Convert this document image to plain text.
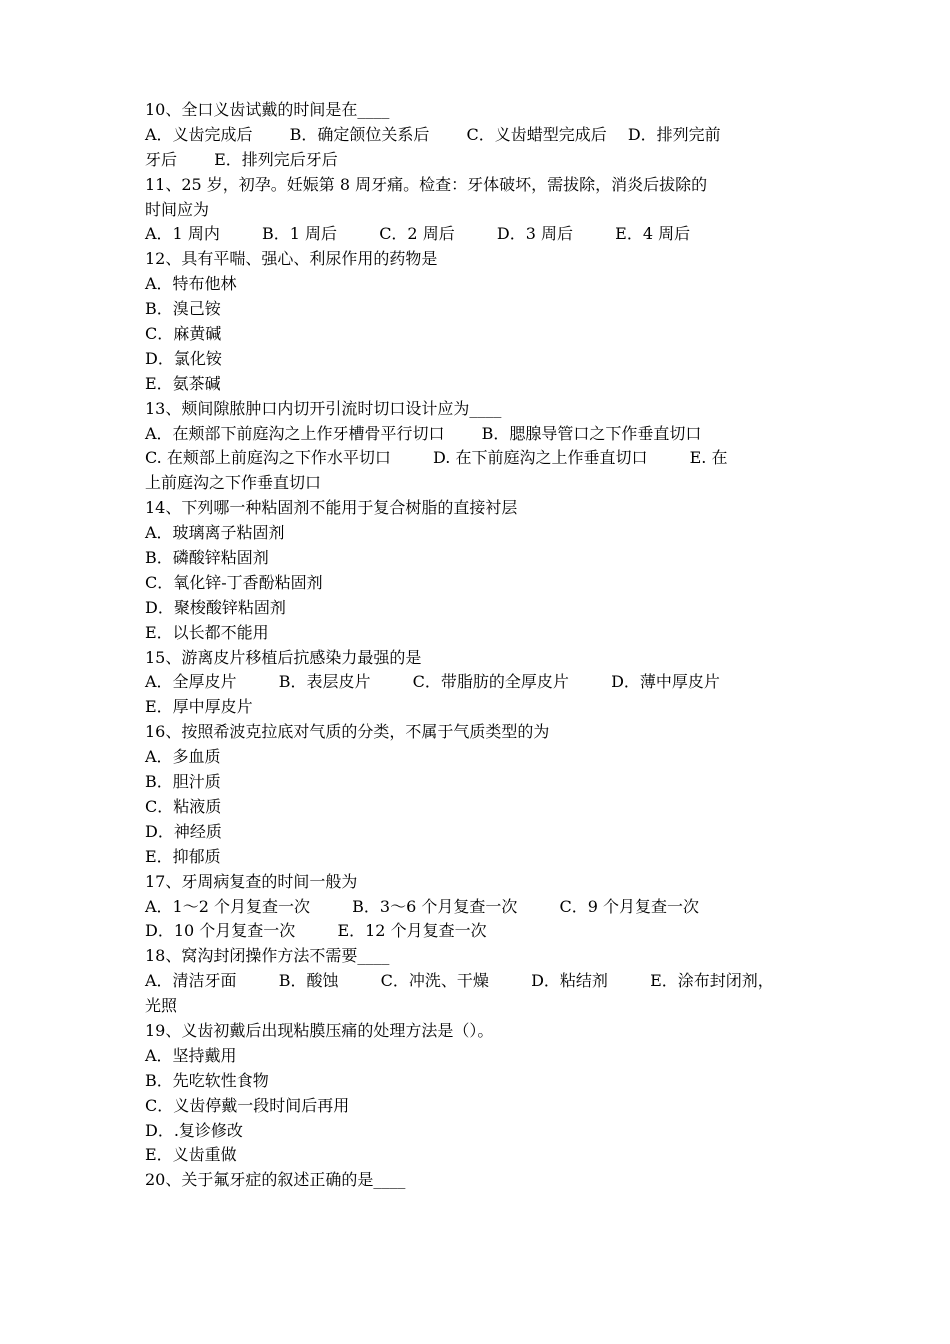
10、全口义齿试戴的时间是在____
A．义齿完成后 　　B．确定颌位关系后 　　C．义齿蜡型完成后　 D．排列完前
牙后 　　E．排列完后牙后
11、25 岁，初孕。妊娠第 8 周牙痛。检查：牙体破坏，需拔除，消炎后拔除的
时间应为
A．1 周内 　　 B．1 周后 　　 C．2 周后 　　 D．3 周后 　　 E．4 周后
12、具有平喘、强心、利尿作用的药物是
A．特布他林
B．溴己铵
C．麻黄碱
D．氯化铵
E．氨茶碱
13、颊间隙脓肿口内切开引流时切口设计应为____
A．在颊部下前庭沟之上作牙槽骨平行切口 　　B．腮腺导管口之下作垂直切口
C. 在颊部上前庭沟之下作水平切口 　　 D. 在下前庭沟之上作垂直切口 　　 E. 在
上前庭沟之下作垂直切口
14、下列哪一种粘固剂不能用于复合树脂的直接衬层
A．玻璃离子粘固剂
B．磷酸锌粘固剂
C．氧化锌-丁香酚粘固剂
D．聚梭酸锌粘固剂
E．以长都不能用
15、游离皮片移植后抗感染力最强的是
A．全厚皮片 　　 B．表层皮片 　　 C．带脂肪的全厚皮片 　　 D．薄中厚皮片
E．厚中厚皮片
16、按照希波克拉底对气质的分类，不属于气质类型的为
A．多血质
B．胆汁质
C．粘液质
D．神经质
E．抑郁质
17、牙周病复查的时间一般为
A．1～2 个月复查一次 　　 B．3～6 个月复查一次 　　 C．9 个月复查一次
D．10 个月复查一次 　　 E．12 个月复查一次
18、窝沟封闭操作方法不需要____
A．清洁牙面 　　 B．酸蚀 　　 C．冲洗、干燥 　　 D．粘结剂 　　 E．涂布封闭剂，
光照
19、义齿初戴后出现粘膜压痛的处理方法是（）。
A．坚持戴用
B．先吃软性食物
C．义齿停戴一段时间后再用
D．.复诊修改
E．义齿重做
20、关于氟牙症的叙述正确的是____
